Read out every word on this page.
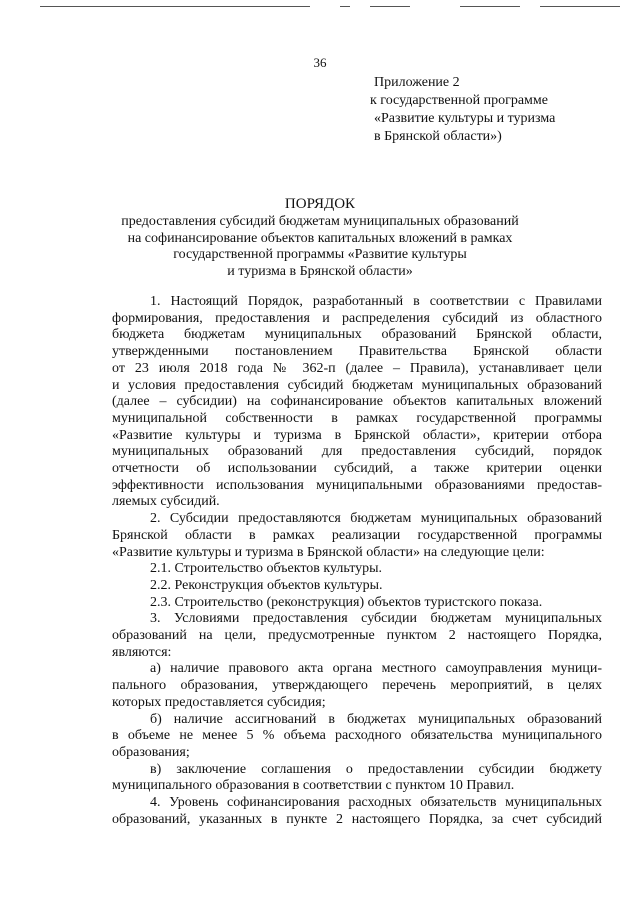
36
Приложение 2
к государственной программе
«Развитие культуры и туризма
в Брянской области»)
ПОРЯДОК
предоставления субсидий бюджетам муниципальных образований
на софинансирование объектов капитальных вложений в рамках
государственной программы «Развитие культуры
и туризма в Брянской области»
1. Настоящий Порядок, разработанный в соответствии с Правилами
формирования, предоставления и распределения субсидий из областного
бюджета бюджетам муниципальных образований Брянской области,
утвержденными постановлением Правительства Брянской области
от 23 июля 2018 года № 362-п (далее – Правила), устанавливает цели
и условия предоставления субсидий бюджетам муниципальных образований
(далее – субсидии) на софинансирование объектов капитальных вложений
муниципальной собственности в рамках государственной программы
«Развитие культуры и туризма в Брянской области», критерии отбора
муниципальных образований для предоставления субсидий, порядок
отчетности об использовании субсидий, а также критерии оценки
эффективности использования муниципальными образованиями предостав-
ляемых субсидий.
2. Субсидии предоставляются бюджетам муниципальных образований
Брянской области в рамках реализации государственной программы
«Развитие культуры и туризма в Брянской области» на следующие цели:
2.1. Строительство объектов культуры.
2.2. Реконструкция объектов культуры.
2.3. Строительство (реконструкция) объектов туристского показа.
3. Условиями предоставления субсидии бюджетам муниципальных
образований на цели, предусмотренные пунктом 2 настоящего Порядка,
являются:
а) наличие правового акта органа местного самоуправления муници-
пального образования, утверждающего перечень мероприятий, в целях
которых предоставляется субсидия;
б) наличие ассигнований в бюджетах муниципальных образований
в объеме не менее 5 % объема расходного обязательства муниципального
образования;
в) заключение соглашения о предоставлении субсидии бюджету
муниципального образования в соответствии с пунктом 10 Правил.
4. Уровень софинансирования расходных обязательств муниципальных
образований, указанных в пункте 2 настоящего Порядка, за счет субсидий
